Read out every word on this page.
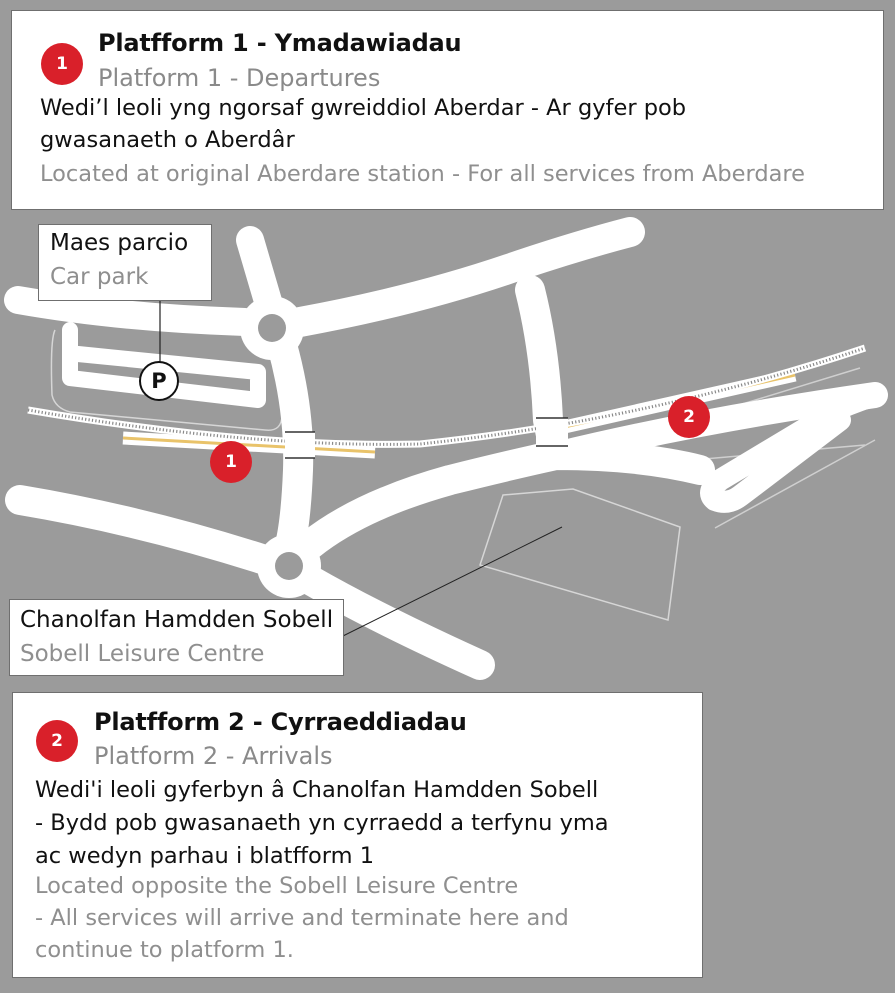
1
2
P
1
Platfform 1 - Ymadawiadau
Platform 1 - Departures
Wedi’l leoli yng ngorsaf gwreiddiol Aberdar - Ar gyfer pob
gwasanaeth o Aberdâr
Located at original Aberdare station - For all services from Aberdare
Maes parcio
Car park
Chanolfan Hamdden Sobell
Sobell Leisure Centre
2
Platfform 2 - Cyrraeddiadau
Platform 2 - Arrivals
Wedi'i leoli gyferbyn â Chanolfan Hamdden Sobell
- Bydd pob gwasanaeth yn cyrraedd a terfynu yma
ac wedyn parhau i blatfform 1
Located opposite the Sobell Leisure Centre
- All services will arrive and terminate here and
continue to platform 1.
